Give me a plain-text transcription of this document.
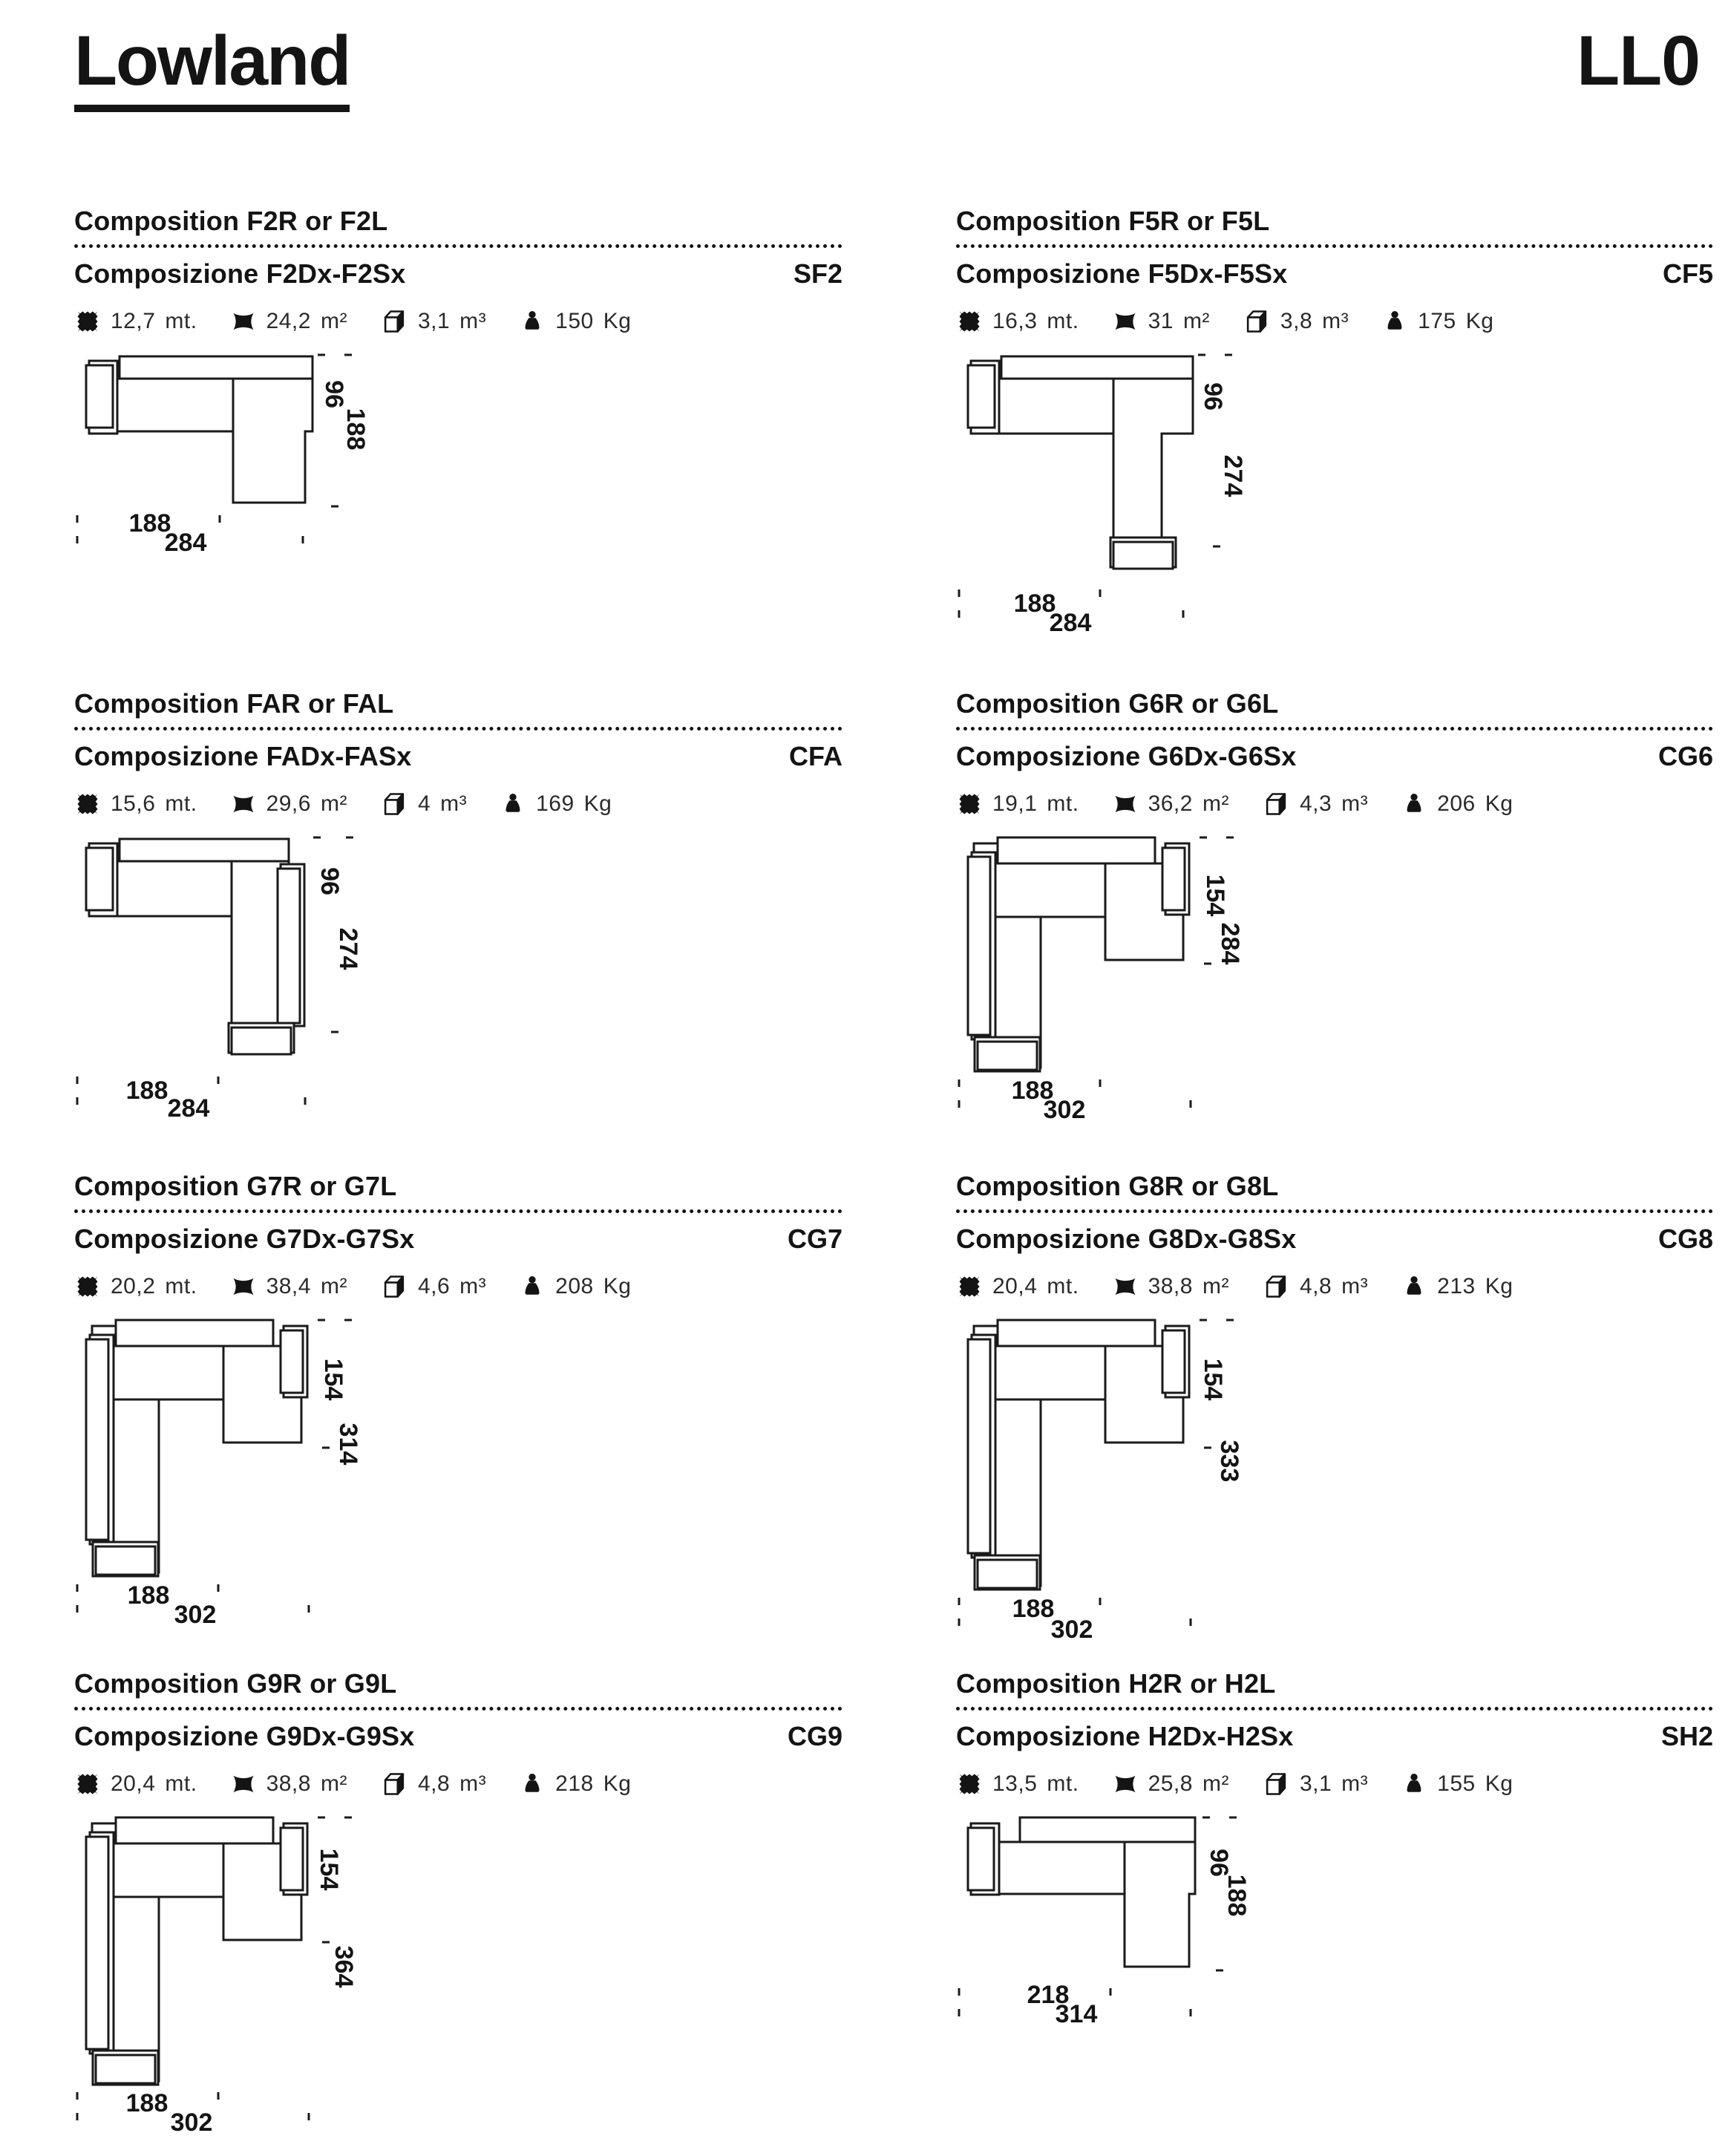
Lowland	LL0
Composition F2R or F2L
Composizione F2Dx-F2Sx	SF2
12,7 mt.	24,2 m²	3,1 m³	150 Kg
96
188
188
284
Composition F5R or F5L
Composizione F5Dx-F5Sx	CF5
16,3 mt.	31 m²	3,8 m³	175 Kg
96
274
188
284
Composition FAR or FAL
Composizione FADx-FASx	CFA
15,6 mt.	29,6 m²	4 m³	169 Kg
96
274
188
284
Composition G6R or G6L
Composizione G6Dx-G6Sx	CG6
19,1 mt.	36,2 m²	4,3 m³	206 Kg
154
284
188
302
Composition G7R or G7L
Composizione G7Dx-G7Sx	CG7
20,2 mt.	38,4 m²	4,6 m³	208 Kg
154
314
188
302
Composition G8R or G8L
Composizione G8Dx-G8Sx	CG8
20,4 mt.	38,8 m²	4,8 m³	213 Kg
154
333
188
302
Composition G9R or G9L
Composizione G9Dx-G9Sx	CG9
20,4 mt.	38,8 m²	4,8 m³	218 Kg
154
364
188
302
Composition H2R or H2L
Composizione H2Dx-H2Sx	SH2
13,5 mt.	25,8 m²	3,1 m³	155 Kg
96
188
218
314
